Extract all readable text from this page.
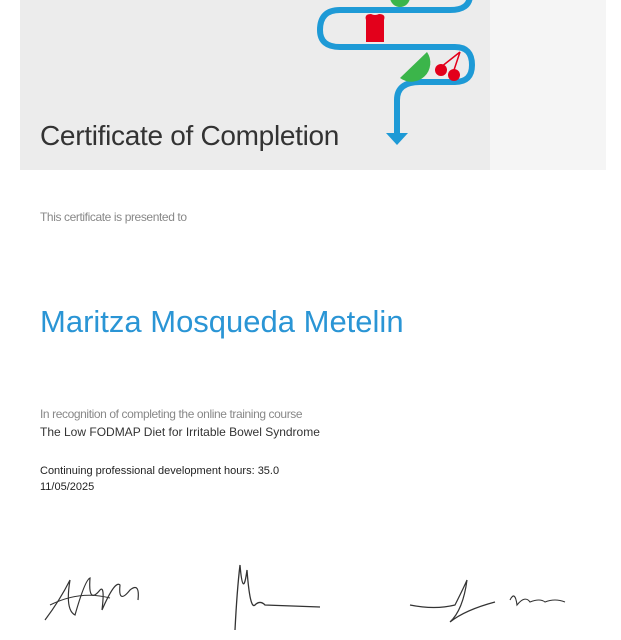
Certificate of Completion
This certificate is presented to
Maritza Mosqueda Metelin
In recognition of completing the online training course
The Low FODMAP Diet for Irritable Bowel Syndrome
Continuing professional development hours: 35.0
11/05/2025
